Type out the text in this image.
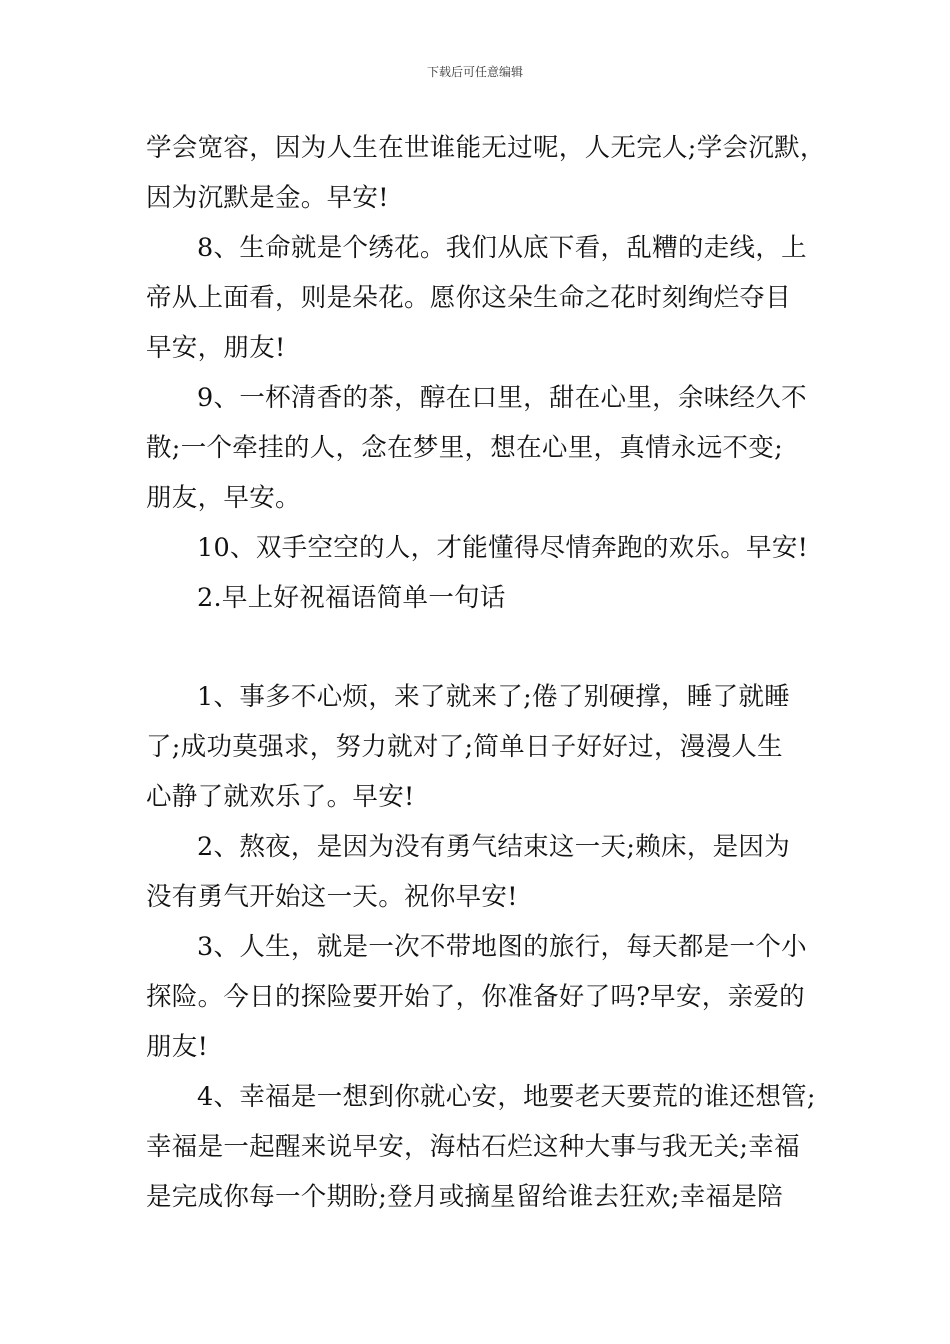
下载后可任意编辑
学会宽容，因为人生在世谁能无过呢，人无完人;学会沉默，
因为沉默是金。早安!
8、生命就是个绣花。我们从底下看，乱糟的走线，上
帝从上面看，则是朵花。愿你这朵生命之花时刻绚烂夺目
早安，朋友!
9、一杯清香的茶，醇在口里，甜在心里，余味经久不
散;一个牵挂的人，念在梦里，想在心里，真情永远不变;
朋友，早安。
10、双手空空的人，才能懂得尽情奔跑的欢乐。早安!
2.早上好祝福语简单一句话
1、事多不心烦，来了就来了;倦了别硬撑，睡了就睡
了;成功莫强求，努力就对了;简单日子好好过，漫漫人生
心静了就欢乐了。早安!
2、熬夜，是因为没有勇气结束这一天;赖床，是因为
没有勇气开始这一天。祝你早安!
3、人生，就是一次不带地图的旅行，每天都是一个小
探险。今日的探险要开始了，你准备好了吗?早安，亲爱的
朋友!
4、幸福是一想到你就心安，地要老天要荒的谁还想管;
幸福是一起醒来说早安，海枯石烂这种大事与我无关;幸福
是完成你每一个期盼;登月或摘星留给谁去狂欢;幸福是陪
